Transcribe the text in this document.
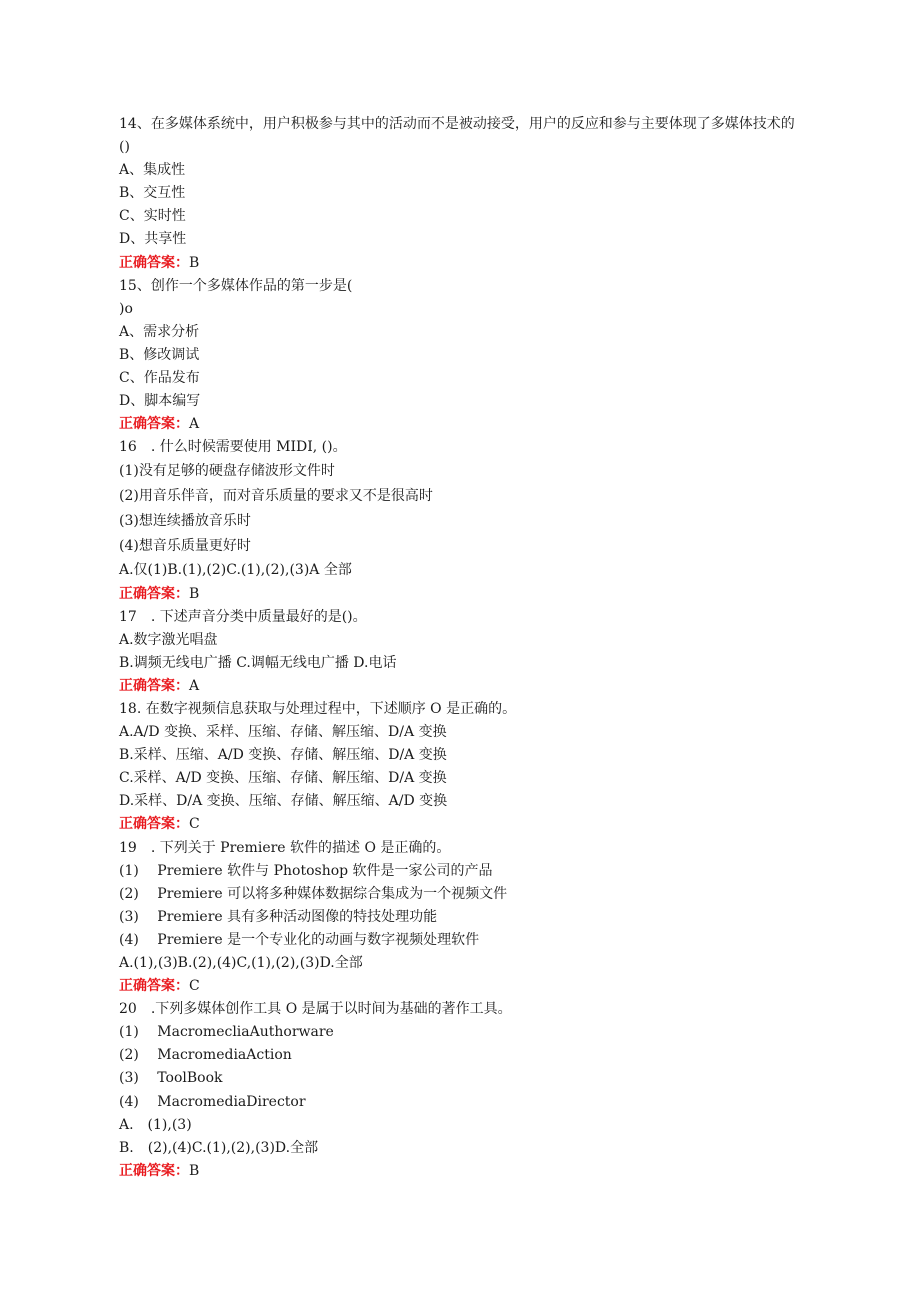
14、在多媒体系统中，用户积极参与其中的活动而不是被动接受，用户的反应和参与主要体现了多媒体技术的()
A、集成性
B、交互性
C、实时性
D、共享性
正确答案：B
15、创作一个多媒体作品的第一步是(
)o
A、需求分析
B、修改调试
C、作品发布
D、脚本编写
正确答案：A
16　. 什么时候需要使用 MIDI, ()。
(1)没有足够的硬盘存储波形文件时
(2)用音乐伴音，而对音乐质量的要求又不是很高时
(3)想连续播放音乐时
(4)想音乐质量更好时
A.仅(1)B.(1),(2)C.(1),(2),(3)A 全部
正确答案：B
17　. 下述声音分类中质量最好的是()。
A.数字激光唱盘
B.调频无线电广播 C.调幅无线电广播 D.电话
正确答案：A
18. 在数字视频信息获取与处理过程中，下述顺序 O 是正确的。
A.A/D 变换、采样、压缩、存储、解压缩、D/A 变换
B.采样、压缩、A/D 变换、存储、解压缩、D/A 变换
C.采样、A/D 变换、压缩、存储、解压缩、D/A 变换
D.采样、D/A 变换、压缩、存储、解压缩、A/D 变换
正确答案：C
19　. 下列关于 Premiere 软件的描述 O 是正确的。
(1)　 Premiere 软件与 Photoshop 软件是一家公司的产品
(2)　 Premiere 可以将多种媒体数据综合集成为一个视频文件
(3)　 Premiere 具有多种活动图像的特技处理功能
(4)　 Premiere 是一个专业化的动画与数字视频处理软件
A.(1),(3)B.(2),(4)C,(1),(2),(3)D.全部
正确答案：C
20　.下列多媒体创作工具 O 是属于以时间为基础的著作工具。
(1)　 MacromecliaAuthorware
(2)　 MacromediaAction
(3)　 ToolBook
(4)　 MacromediaDirector
A.　(1),(3)
B.　(2),(4)C.(1),(2),(3)D.全部
正确答案：B
